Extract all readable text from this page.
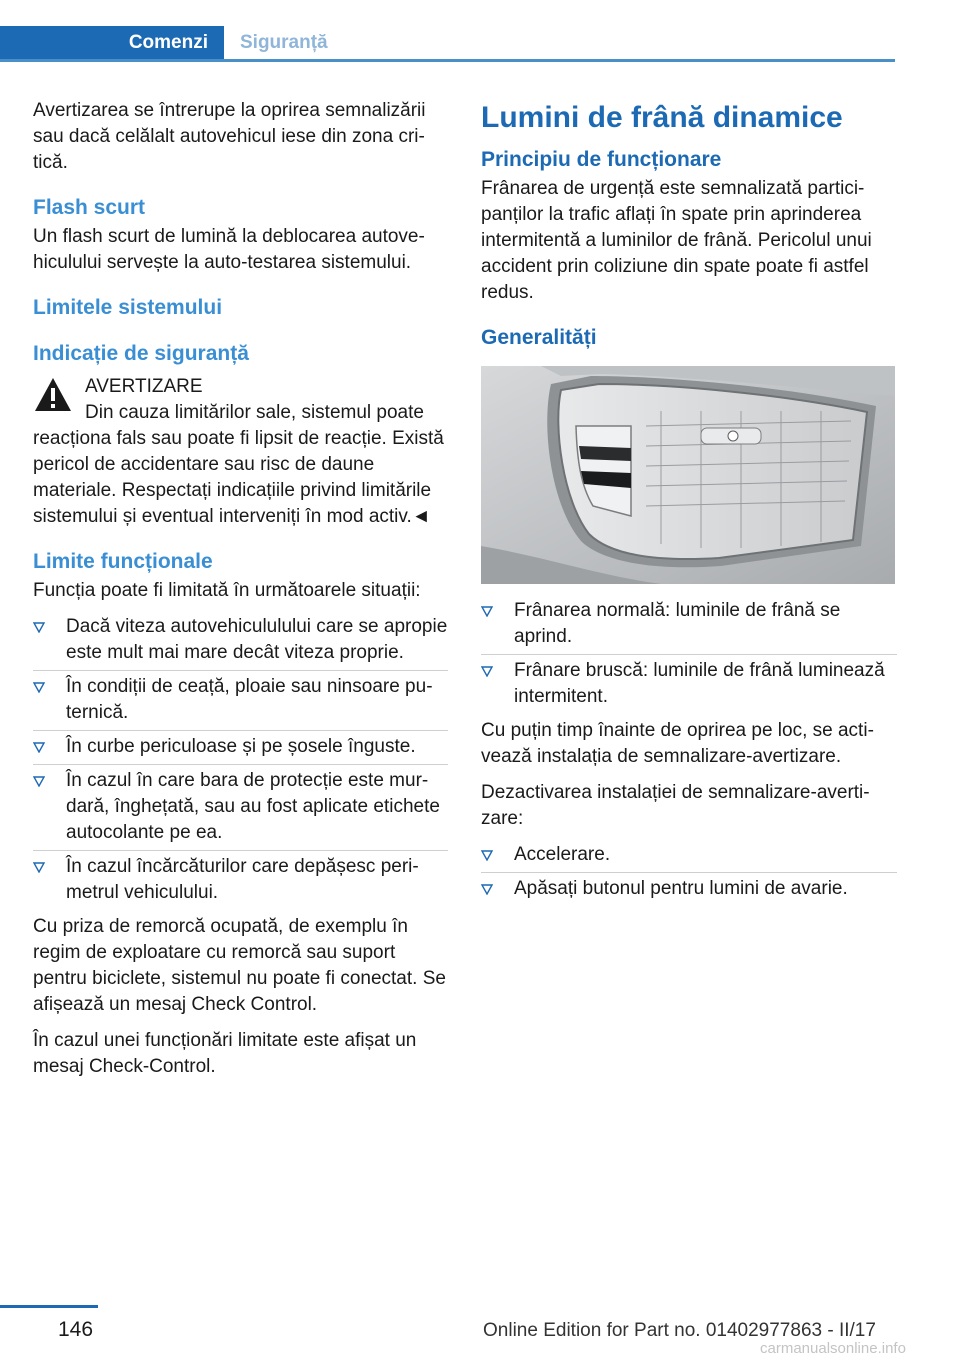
Comenzi	Siguranță

Avertizarea se întrerupe la oprirea semnalizării sau dacă celălalt autovehicul iese din zona critică.

Flash scurt

Un flash scurt de lumină la deblocarea autovehiculului servește la auto-testarea sistemului.

Limitele sistemului
Indicație de siguranță
AVERTIZARE
Din cauza limitărilor sale, sistemul poate reacționa fals sau poate fi lipsit de reacție. Există pericol de accidentare sau risc de daune materiale. Respectați indicațiile privind limitările sistemului și eventual interveniți în mod activ.◄
Limite funcționale

Funcția poate fi limitată în următoarele situații:

Dacă viteza autovehicululului care se apropie este mult mai mare decât viteza proprie.
În condiții de ceață, ploaie sau ninsoare puternică.
În curbe periculoase și pe șosele înguste.
În cazul în care bara de protecție este murdară, înghețată, sau au fost aplicate etichete autocolante pe ea.
În cazul încărcăturilor care depășesc perimetrul vehiculului.

Cu priza de remorcă ocupată, de exemplu în regim de exploatare cu remorcă sau suport pentru biciclete, sistemul nu poate fi conectat. Se afișează un mesaj Check Control.

În cazul unei funcționări limitate este afișat un mesaj Check-Control.

Lumini de frână dinamice
Principiu de funcționare

Frânarea de urgență este semnalizată participanților la trafic aflați în spate prin aprinderea intermitentă a luminilor de frână. Pericolul unui accident prin coliziune din spate poate fi astfel redus.

Generalități
Frânarea normală: luminile de frână se aprind.
Frânare bruscă: luminile de frână luminează intermitent.

Cu puțin timp înainte de oprirea pe loc, se activează instalația de semnalizare-avertizare.

Dezactivarea instalației de semnalizare-avertizare:

Accelerare.
Apăsați butonul pentru lumini de avarie.
146	Online Edition for Part no. 01402977863 - II/17
carmanualsonline.info
